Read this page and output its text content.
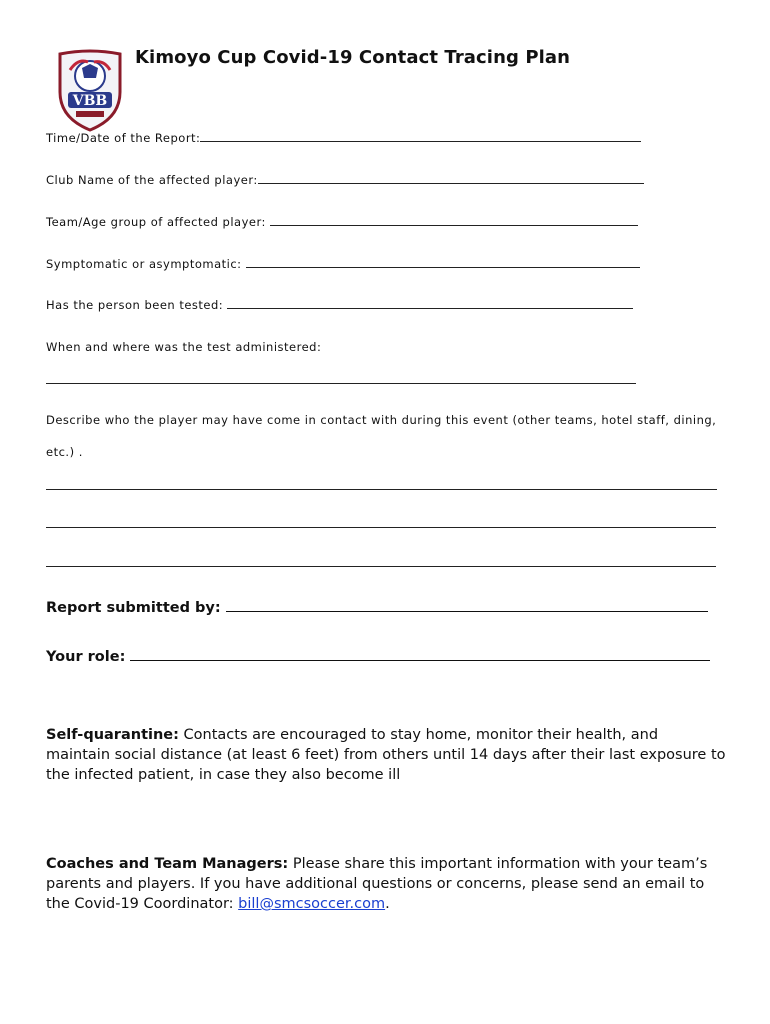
VBB
Kimoyo Cup Covid-19 Contact Tracing Plan
Time/Date of the Report:
Club Name of the affected player:
Team/Age group of affected player:
Symptomatic or asymptomatic:
Has the person been tested:
When and where was the test administered:
Describe who the player may have come in contact with during this event (other teams, hotel staff, dining,
etc.) .
Report submitted by:
Your role:
Self-quarantine: Contacts are encouraged to stay home, monitor their health, and maintain social distance (at least 6 feet) from others until 14 days after their last exposure to the infected patient, in case they also become ill
Coaches and Team Managers: Please share this important information with your team’s parents and players. If you have additional questions or concerns, please send an email to the Covid-19 Coordinator: bill@smcsoccer.com.
